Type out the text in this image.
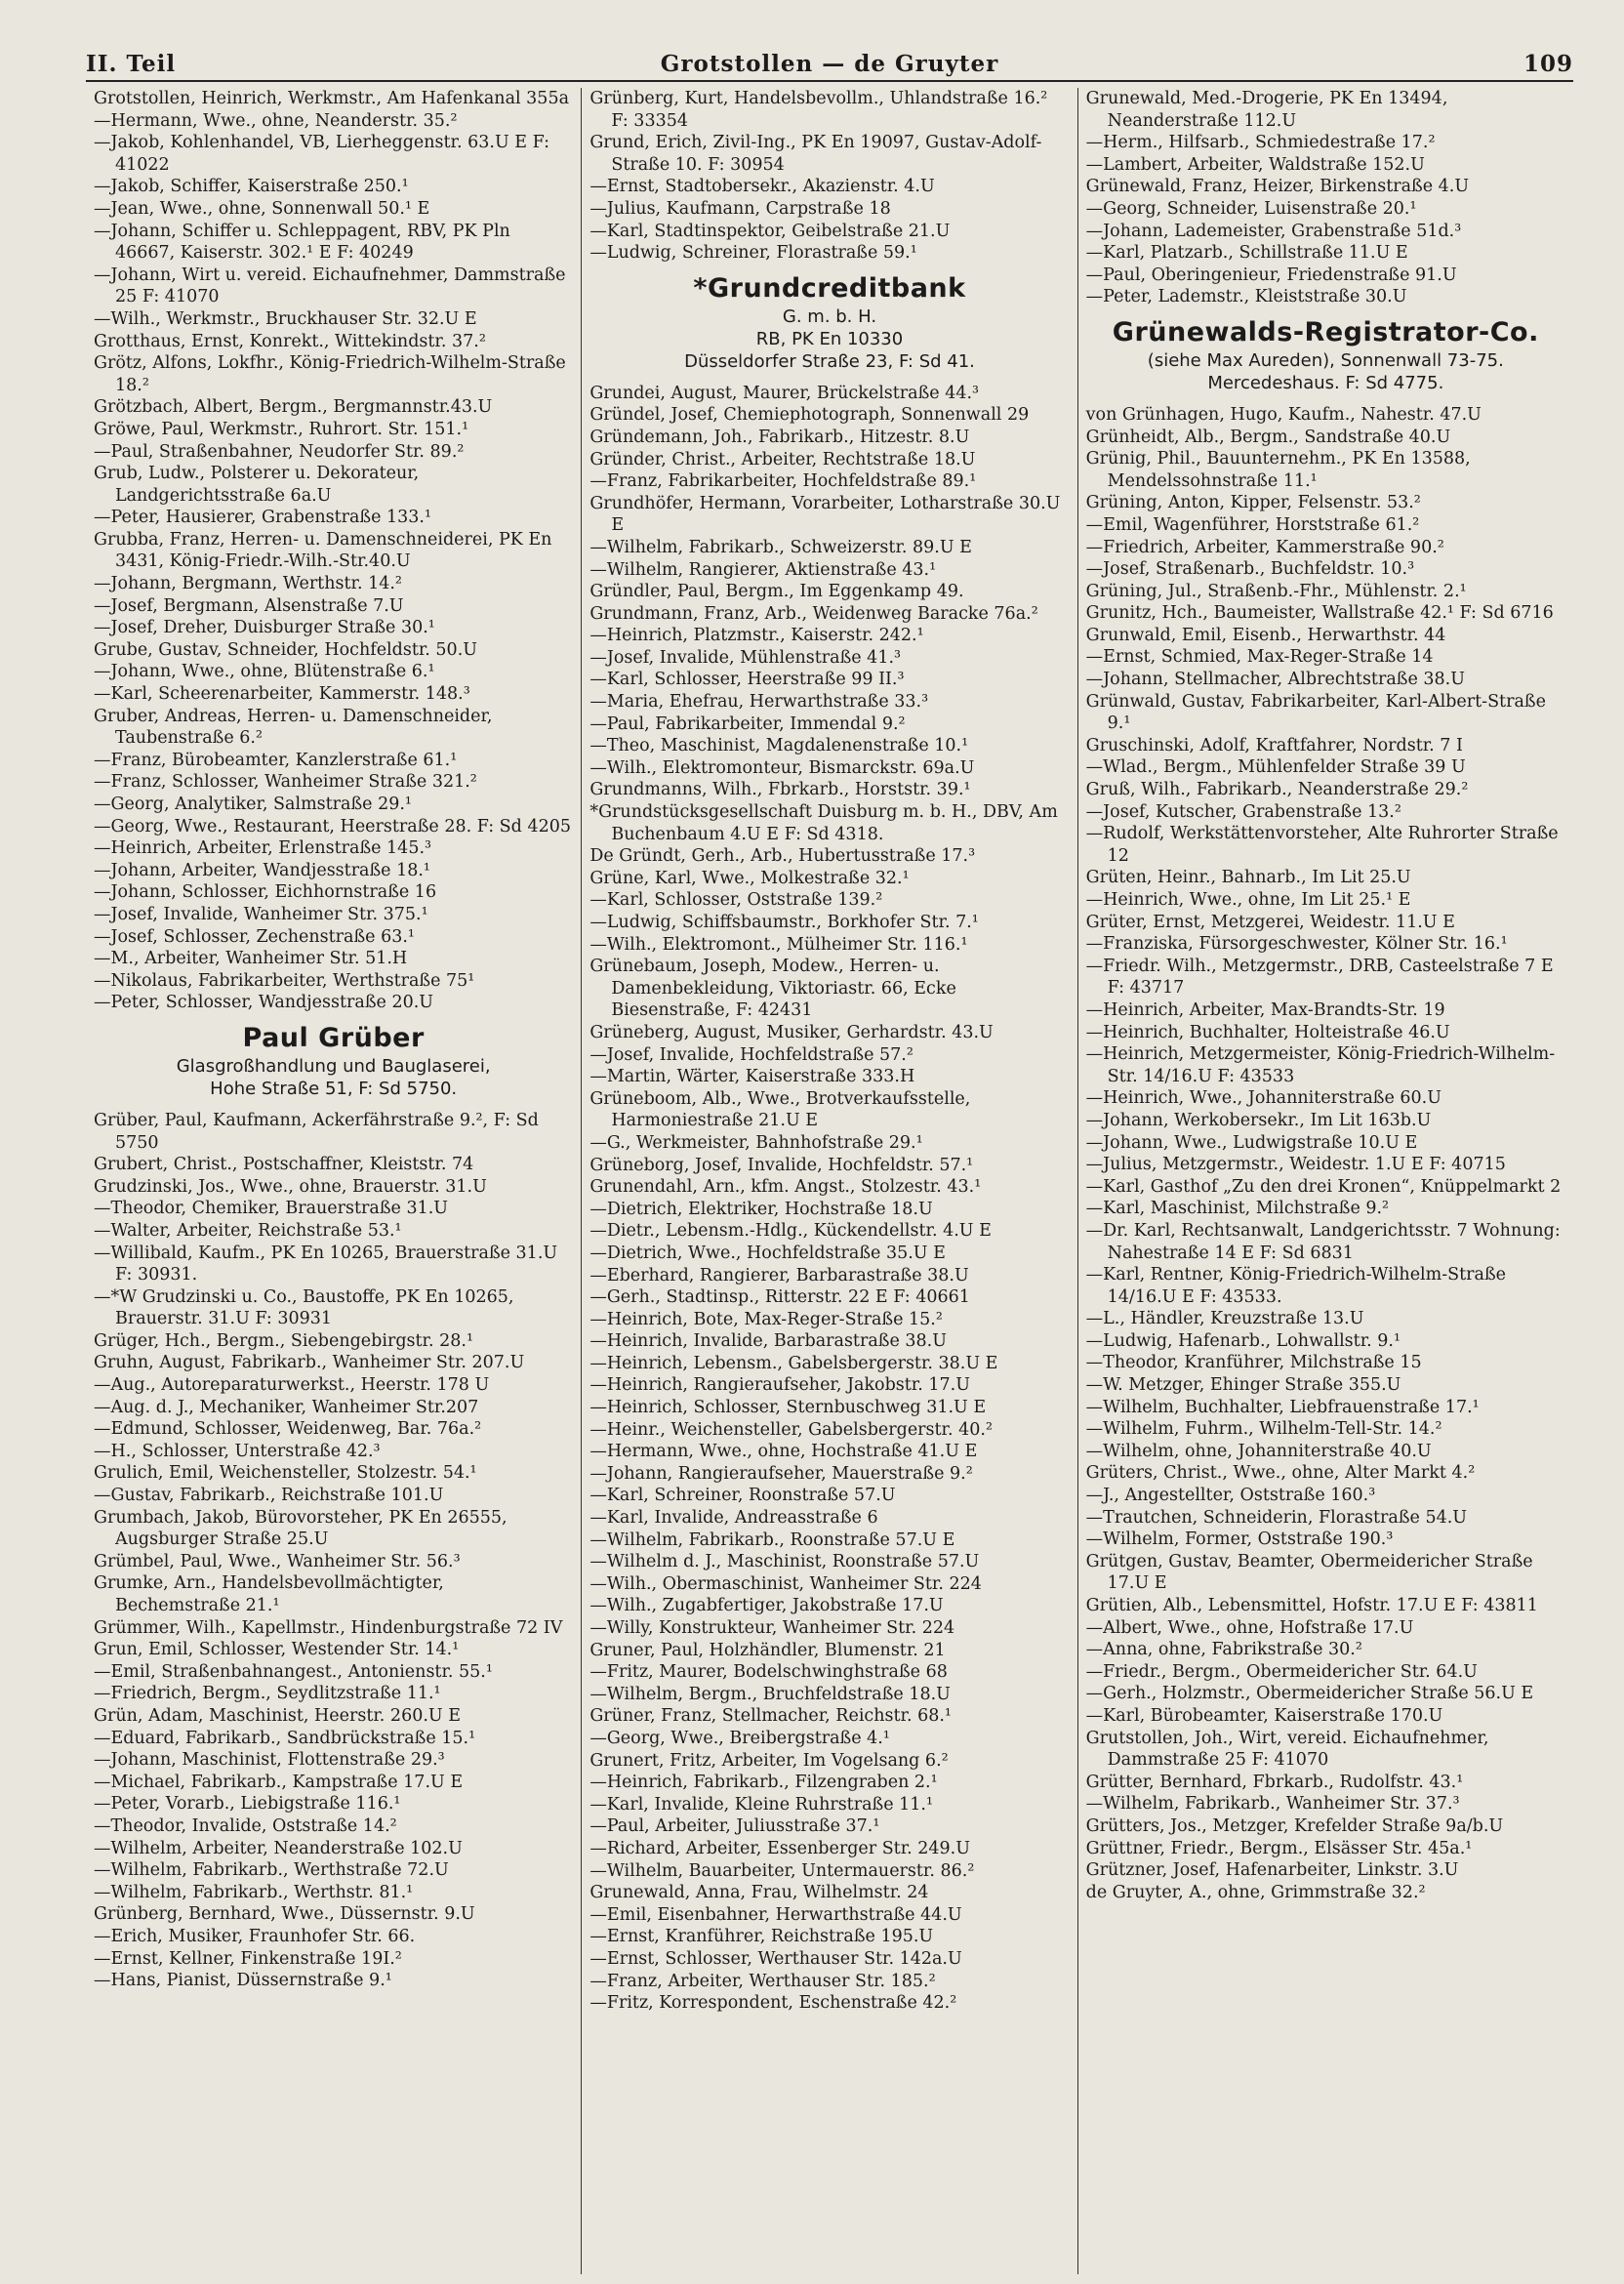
II. Teil	Grotstollen — de Gruyter	109

Grotstollen, Heinrich, Werkmstr., Am Hafenkanal 355a

—Hermann, Wwe., ohne, Neanderstr. 35.²

—Jakob, Kohlenhandel, VB, Lierheggenstr. 63.U E F: 41022

—Jakob, Schiffer, Kaiserstraße 250.¹

—Jean, Wwe., ohne, Sonnenwall 50.¹ E

—Johann, Schiffer u. Schleppagent, RBV, PK Pln 46667, Kaiserstr. 302.¹ E F: 40249

—Johann, Wirt u. vereid. Eichaufnehmer, Dammstraße 25 F: 41070

—Wilh., Werkmstr., Bruckhauser Str. 32.U E

Grotthaus, Ernst, Konrekt., Wittekindstr. 37.²

Grötz, Alfons, Lokfhr., König-Friedrich-Wilhelm-Straße 18.²

Grötzbach, Albert, Bergm., Bergmannstr.43.U

Gröwe, Paul, Werkmstr., Ruhrort. Str. 151.¹

—Paul, Straßenbahner, Neudorfer Str. 89.²

Grub, Ludw., Polsterer u. Dekorateur, Landgerichtsstraße 6a.U

—Peter, Hausierer, Grabenstraße 133.¹

Grubba, Franz, Herren- u. Damenschneiderei, PK En 3431, König-Friedr.-Wilh.-Str.40.U

—Johann, Bergmann, Werthstr. 14.²

—Josef, Bergmann, Alsenstraße 7.U

—Josef, Dreher, Duisburger Straße 30.¹

Grube, Gustav, Schneider, Hochfeldstr. 50.U

—Johann, Wwe., ohne, Blütenstraße 6.¹

—Karl, Scheerenarbeiter, Kammerstr. 148.³

Gruber, Andreas, Herren- u. Damenschneider, Taubenstraße 6.²

—Franz, Bürobeamter, Kanzlerstraße 61.¹

—Franz, Schlosser, Wanheimer Straße 321.²

—Georg, Analytiker, Salmstraße 29.¹

—Georg, Wwe., Restaurant, Heerstraße 28. F: Sd 4205

—Heinrich, Arbeiter, Erlenstraße 145.³

—Johann, Arbeiter, Wandjesstraße 18.¹

—Johann, Schlosser, Eichhornstraße 16

—Josef, Invalide, Wanheimer Str. 375.¹

—Josef, Schlosser, Zechenstraße 63.¹

—M., Arbeiter, Wanheimer Str. 51.H

—Nikolaus, Fabrikarbeiter, Werthstraße 75¹

—Peter, Schlosser, Wandjesstraße 20.U

Paul Grüber
Glasgroßhandlung und Bauglaserei,
Hohe Straße 51, F: Sd 5750.

Grüber, Paul, Kaufmann, Ackerfährstraße 9.², F: Sd 5750

Grubert, Christ., Postschaffner, Kleiststr. 74

Grudzinski, Jos., Wwe., ohne, Brauerstr. 31.U

—Theodor, Chemiker, Brauerstraße 31.U

—Walter, Arbeiter, Reichstraße 53.¹

—Willibald, Kaufm., PK En 10265, Brauerstraße 31.U F: 30931.

—*W Grudzinski u. Co., Baustoffe, PK En 10265, Brauerstr. 31.U F: 30931

Grüger, Hch., Bergm., Siebengebirgstr. 28.¹

Gruhn, August, Fabrikarb., Wanheimer Str. 207.U

—Aug., Autoreparaturwerkst., Heerstr. 178 U

—Aug. d. J., Mechaniker, Wanheimer Str.207

—Edmund, Schlosser, Weidenweg, Bar. 76a.²

—H., Schlosser, Unterstraße 42.³

Grulich, Emil, Weichensteller, Stolzestr. 54.¹

—Gustav, Fabrikarb., Reichstraße 101.U

Grumbach, Jakob, Bürovorsteher, PK En 26555, Augsburger Straße 25.U

Grümbel, Paul, Wwe., Wanheimer Str. 56.³

Grumke, Arn., Handelsbevollmächtigter, Bechemstraße 21.¹

Grümmer, Wilh., Kapellmstr., Hindenburgstraße 72 IV

Grun, Emil, Schlosser, Westender Str. 14.¹

—Emil, Straßenbahnangest., Antonienstr. 55.¹

—Friedrich, Bergm., Seydlitzstraße 11.¹

Grün, Adam, Maschinist, Heerstr. 260.U E

—Eduard, Fabrikarb., Sandbrückstraße 15.¹

—Johann, Maschinist, Flottenstraße 29.³

—Michael, Fabrikarb., Kampstraße 17.U E

—Peter, Vorarb., Liebigstraße 116.¹

—Theodor, Invalide, Oststraße 14.²

—Wilhelm, Arbeiter, Neanderstraße 102.U

—Wilhelm, Fabrikarb., Werthstraße 72.U

—Wilhelm, Fabrikarb., Werthstr. 81.¹

Grünberg, Bernhard, Wwe., Düssernstr. 9.U

—Erich, Musiker, Fraunhofer Str. 66.

—Ernst, Kellner, Finkenstraße 19I.²

—Hans, Pianist, Düssernstraße 9.¹

Grünberg, Kurt, Handelsbevollm., Uhlandstraße 16.² F: 33354

Grund, Erich, Zivil-Ing., PK En 19097, Gustav-Adolf-Straße 10. F: 30954

—Ernst, Stadtobersekr., Akazienstr. 4.U

—Julius, Kaufmann, Carpstraße 18

—Karl, Stadtinspektor, Geibelstraße 21.U

—Ludwig, Schreiner, Florastraße 59.¹

*Grundcreditbank
G. m. b. H.
RB, PK En 10330
Düsseldorfer Straße 23, F: Sd 41.

Grundei, August, Maurer, Brückelstraße 44.³

Gründel, Josef, Chemiephotograph, Sonnenwall 29

Gründemann, Joh., Fabrikarb., Hitzestr. 8.U

Gründer, Christ., Arbeiter, Rechtstraße 18.U

—Franz, Fabrikarbeiter, Hochfeldstraße 89.¹

Grundhöfer, Hermann, Vorarbeiter, Lotharstraße 30.U E

—Wilhelm, Fabrikarb., Schweizerstr. 89.U E

—Wilhelm, Rangierer, Aktienstraße 43.¹

Gründler, Paul, Bergm., Im Eggenkamp 49.

Grundmann, Franz, Arb., Weidenweg Baracke 76a.²

—Heinrich, Platzmstr., Kaiserstr. 242.¹

—Josef, Invalide, Mühlenstraße 41.³

—Karl, Schlosser, Heerstraße 99 II.³

—Maria, Ehefrau, Herwarthstraße 33.³

—Paul, Fabrikarbeiter, Immendal 9.²

—Theo, Maschinist, Magdalenenstraße 10.¹

—Wilh., Elektromonteur, Bismarckstr. 69a.U

Grundmanns, Wilh., Fbrkarb., Horststr. 39.¹

*Grundstücksgesellschaft Duisburg m. b. H., DBV, Am Buchenbaum 4.U E F: Sd 4318.

De Gründt, Gerh., Arb., Hubertusstraße 17.³

Grüne, Karl, Wwe., Molkestraße 32.¹

—Karl, Schlosser, Oststraße 139.²

—Ludwig, Schiffsbaumstr., Borkhofer Str. 7.¹

—Wilh., Elektromont., Mülheimer Str. 116.¹

Grünebaum, Joseph, Modew., Herren- u. Damenbekleidung, Viktoriastr. 66, Ecke Biesenstraße, F: 42431

Grüneberg, August, Musiker, Gerhardstr. 43.U

—Josef, Invalide, Hochfeldstraße 57.²

—Martin, Wärter, Kaiserstraße 333.H

Grüneboom, Alb., Wwe., Brotverkaufsstelle, Harmoniestraße 21.U E

—G., Werkmeister, Bahnhofstraße 29.¹

Grüneborg, Josef, Invalide, Hochfeldstr. 57.¹

Grunendahl, Arn., kfm. Angst., Stolzestr. 43.¹

—Dietrich, Elektriker, Hochstraße 18.U

—Dietr., Lebensm.-Hdlg., Kückendellstr. 4.U E

—Dietrich, Wwe., Hochfeldstraße 35.U E

—Eberhard, Rangierer, Barbarastraße 38.U

—Gerh., Stadtinsp., Ritterstr. 22 E F: 40661

—Heinrich, Bote, Max-Reger-Straße 15.²

—Heinrich, Invalide, Barbarastraße 38.U

—Heinrich, Lebensm., Gabelsbergerstr. 38.U E

—Heinrich, Rangieraufseher, Jakobstr. 17.U

—Heinrich, Schlosser, Sternbuschweg 31.U E

—Heinr., Weichensteller, Gabelsbergerstr. 40.²

—Hermann, Wwe., ohne, Hochstraße 41.U E

—Johann, Rangieraufseher, Mauerstraße 9.²

—Karl, Schreiner, Roonstraße 57.U

—Karl, Invalide, Andreasstraße 6

—Wilhelm, Fabrikarb., Roonstraße 57.U E

—Wilhelm d. J., Maschinist, Roonstraße 57.U

—Wilh., Obermaschinist, Wanheimer Str. 224

—Wilh., Zugabfertiger, Jakobstraße 17.U

—Willy, Konstrukteur, Wanheimer Str. 224

Gruner, Paul, Holzhändler, Blumenstr. 21

—Fritz, Maurer, Bodelschwinghstraße 68

—Wilhelm, Bergm., Bruchfeldstraße 18.U

Grüner, Franz, Stellmacher, Reichstr. 68.¹

—Georg, Wwe., Breibergstraße 4.¹

Grunert, Fritz, Arbeiter, Im Vogelsang 6.²

—Heinrich, Fabrikarb., Filzengraben 2.¹

—Karl, Invalide, Kleine Ruhrstraße 11.¹

—Paul, Arbeiter, Juliusstraße 37.¹

—Richard, Arbeiter, Essenberger Str. 249.U

—Wilhelm, Bauarbeiter, Untermauerstr. 86.²

Grunewald, Anna, Frau, Wilhelmstr. 24

—Emil, Eisenbahner, Herwarthstraße 44.U

—Ernst, Kranführer, Reichstraße 195.U

—Ernst, Schlosser, Werthauser Str. 142a.U

—Franz, Arbeiter, Werthauser Str. 185.²

—Fritz, Korrespondent, Eschenstraße 42.²

Grunewald, Med.-Drogerie, PK En 13494, Neanderstraße 112.U

—Herm., Hilfsarb., Schmiedestraße 17.²

—Lambert, Arbeiter, Waldstraße 152.U

Grünewald, Franz, Heizer, Birkenstraße 4.U

—Georg, Schneider, Luisenstraße 20.¹

—Johann, Lademeister, Grabenstraße 51d.³

—Karl, Platzarb., Schillstraße 11.U E

—Paul, Oberingenieur, Friedenstraße 91.U

—Peter, Lademstr., Kleiststraße 30.U

Grünewalds-Registrator-Co.
(siehe Max Aureden), Sonnenwall 73-75.
Mercedeshaus. F: Sd 4775.

von Grünhagen, Hugo, Kaufm., Nahestr. 47.U

Grünheidt, Alb., Bergm., Sandstraße 40.U

Grünig, Phil., Bauunternehm., PK En 13588, Mendelssohnstraße 11.¹

Grüning, Anton, Kipper, Felsenstr. 53.²

—Emil, Wagenführer, Horststraße 61.²

—Friedrich, Arbeiter, Kammerstraße 90.²

—Josef, Straßenarb., Buchfeldstr. 10.³

Grüning, Jul., Straßenb.-Fhr., Mühlenstr. 2.¹

Grunitz, Hch., Baumeister, Wallstraße 42.¹ F: Sd 6716

Grunwald, Emil, Eisenb., Herwarthstr. 44

—Ernst, Schmied, Max-Reger-Straße 14

—Johann, Stellmacher, Albrechtstraße 38.U

Grünwald, Gustav, Fabrikarbeiter, Karl-Albert-Straße 9.¹

Gruschinski, Adolf, Kraftfahrer, Nordstr. 7 I

—Wlad., Bergm., Mühlenfelder Straße 39 U

Gruß, Wilh., Fabrikarb., Neanderstraße 29.²

—Josef, Kutscher, Grabenstraße 13.²

—Rudolf, Werkstättenvorsteher, Alte Ruhrorter Straße 12

Grüten, Heinr., Bahnarb., Im Lit 25.U

—Heinrich, Wwe., ohne, Im Lit 25.¹ E

Grüter, Ernst, Metzgerei, Weidestr. 11.U E

—Franziska, Fürsorgeschwester, Kölner Str. 16.¹

—Friedr. Wilh., Metzgermstr., DRB, Casteelstraße 7 E F: 43717

—Heinrich, Arbeiter, Max-Brandts-Str. 19

—Heinrich, Buchhalter, Holteistraße 46.U

—Heinrich, Metzgermeister, König-Friedrich-Wilhelm-Str. 14/16.U F: 43533

—Heinrich, Wwe., Johanniterstraße 60.U

—Johann, Werkobersekr., Im Lit 163b.U

—Johann, Wwe., Ludwigstraße 10.U E

—Julius, Metzgermstr., Weidestr. 1.U E F: 40715

—Karl, Gasthof „Zu den drei Kronen“, Knüppelmarkt 2

—Karl, Maschinist, Milchstraße 9.²

—Dr. Karl, Rechtsanwalt, Landgerichtsstr. 7 Wohnung: Nahestraße 14 E F: Sd 6831

—Karl, Rentner, König-Friedrich-Wilhelm-Straße 14/16.U E F: 43533.

—L., Händler, Kreuzstraße 13.U

—Ludwig, Hafenarb., Lohwallstr. 9.¹

—Theodor, Kranführer, Milchstraße 15

—W. Metzger, Ehinger Straße 355.U

—Wilhelm, Buchhalter, Liebfrauenstraße 17.¹

—Wilhelm, Fuhrm., Wilhelm-Tell-Str. 14.²

—Wilhelm, ohne, Johanniterstraße 40.U

Grüters, Christ., Wwe., ohne, Alter Markt 4.²

—J., Angestellter, Oststraße 160.³

—Trautchen, Schneiderin, Florastraße 54.U

—Wilhelm, Former, Oststraße 190.³

Grütgen, Gustav, Beamter, Obermeidericher Straße 17.U E

Grütien, Alb., Lebensmittel, Hofstr. 17.U E F: 43811

—Albert, Wwe., ohne, Hofstraße 17.U

—Anna, ohne, Fabrikstraße 30.²

—Friedr., Bergm., Obermeidericher Str. 64.U

—Gerh., Holzmstr., Obermeidericher Straße 56.U E

—Karl, Bürobeamter, Kaiserstraße 170.U

Grutstollen, Joh., Wirt, vereid. Eichaufnehmer, Dammstraße 25 F: 41070

Grütter, Bernhard, Fbrkarb., Rudolfstr. 43.¹

—Wilhelm, Fabrikarb., Wanheimer Str. 37.³

Grütters, Jos., Metzger, Krefelder Straße 9a/b.U

Grüttner, Friedr., Bergm., Elsässer Str. 45a.¹

Grützner, Josef, Hafenarbeiter, Linkstr. 3.U

de Gruyter, A., ohne, Grimmstraße 32.²
